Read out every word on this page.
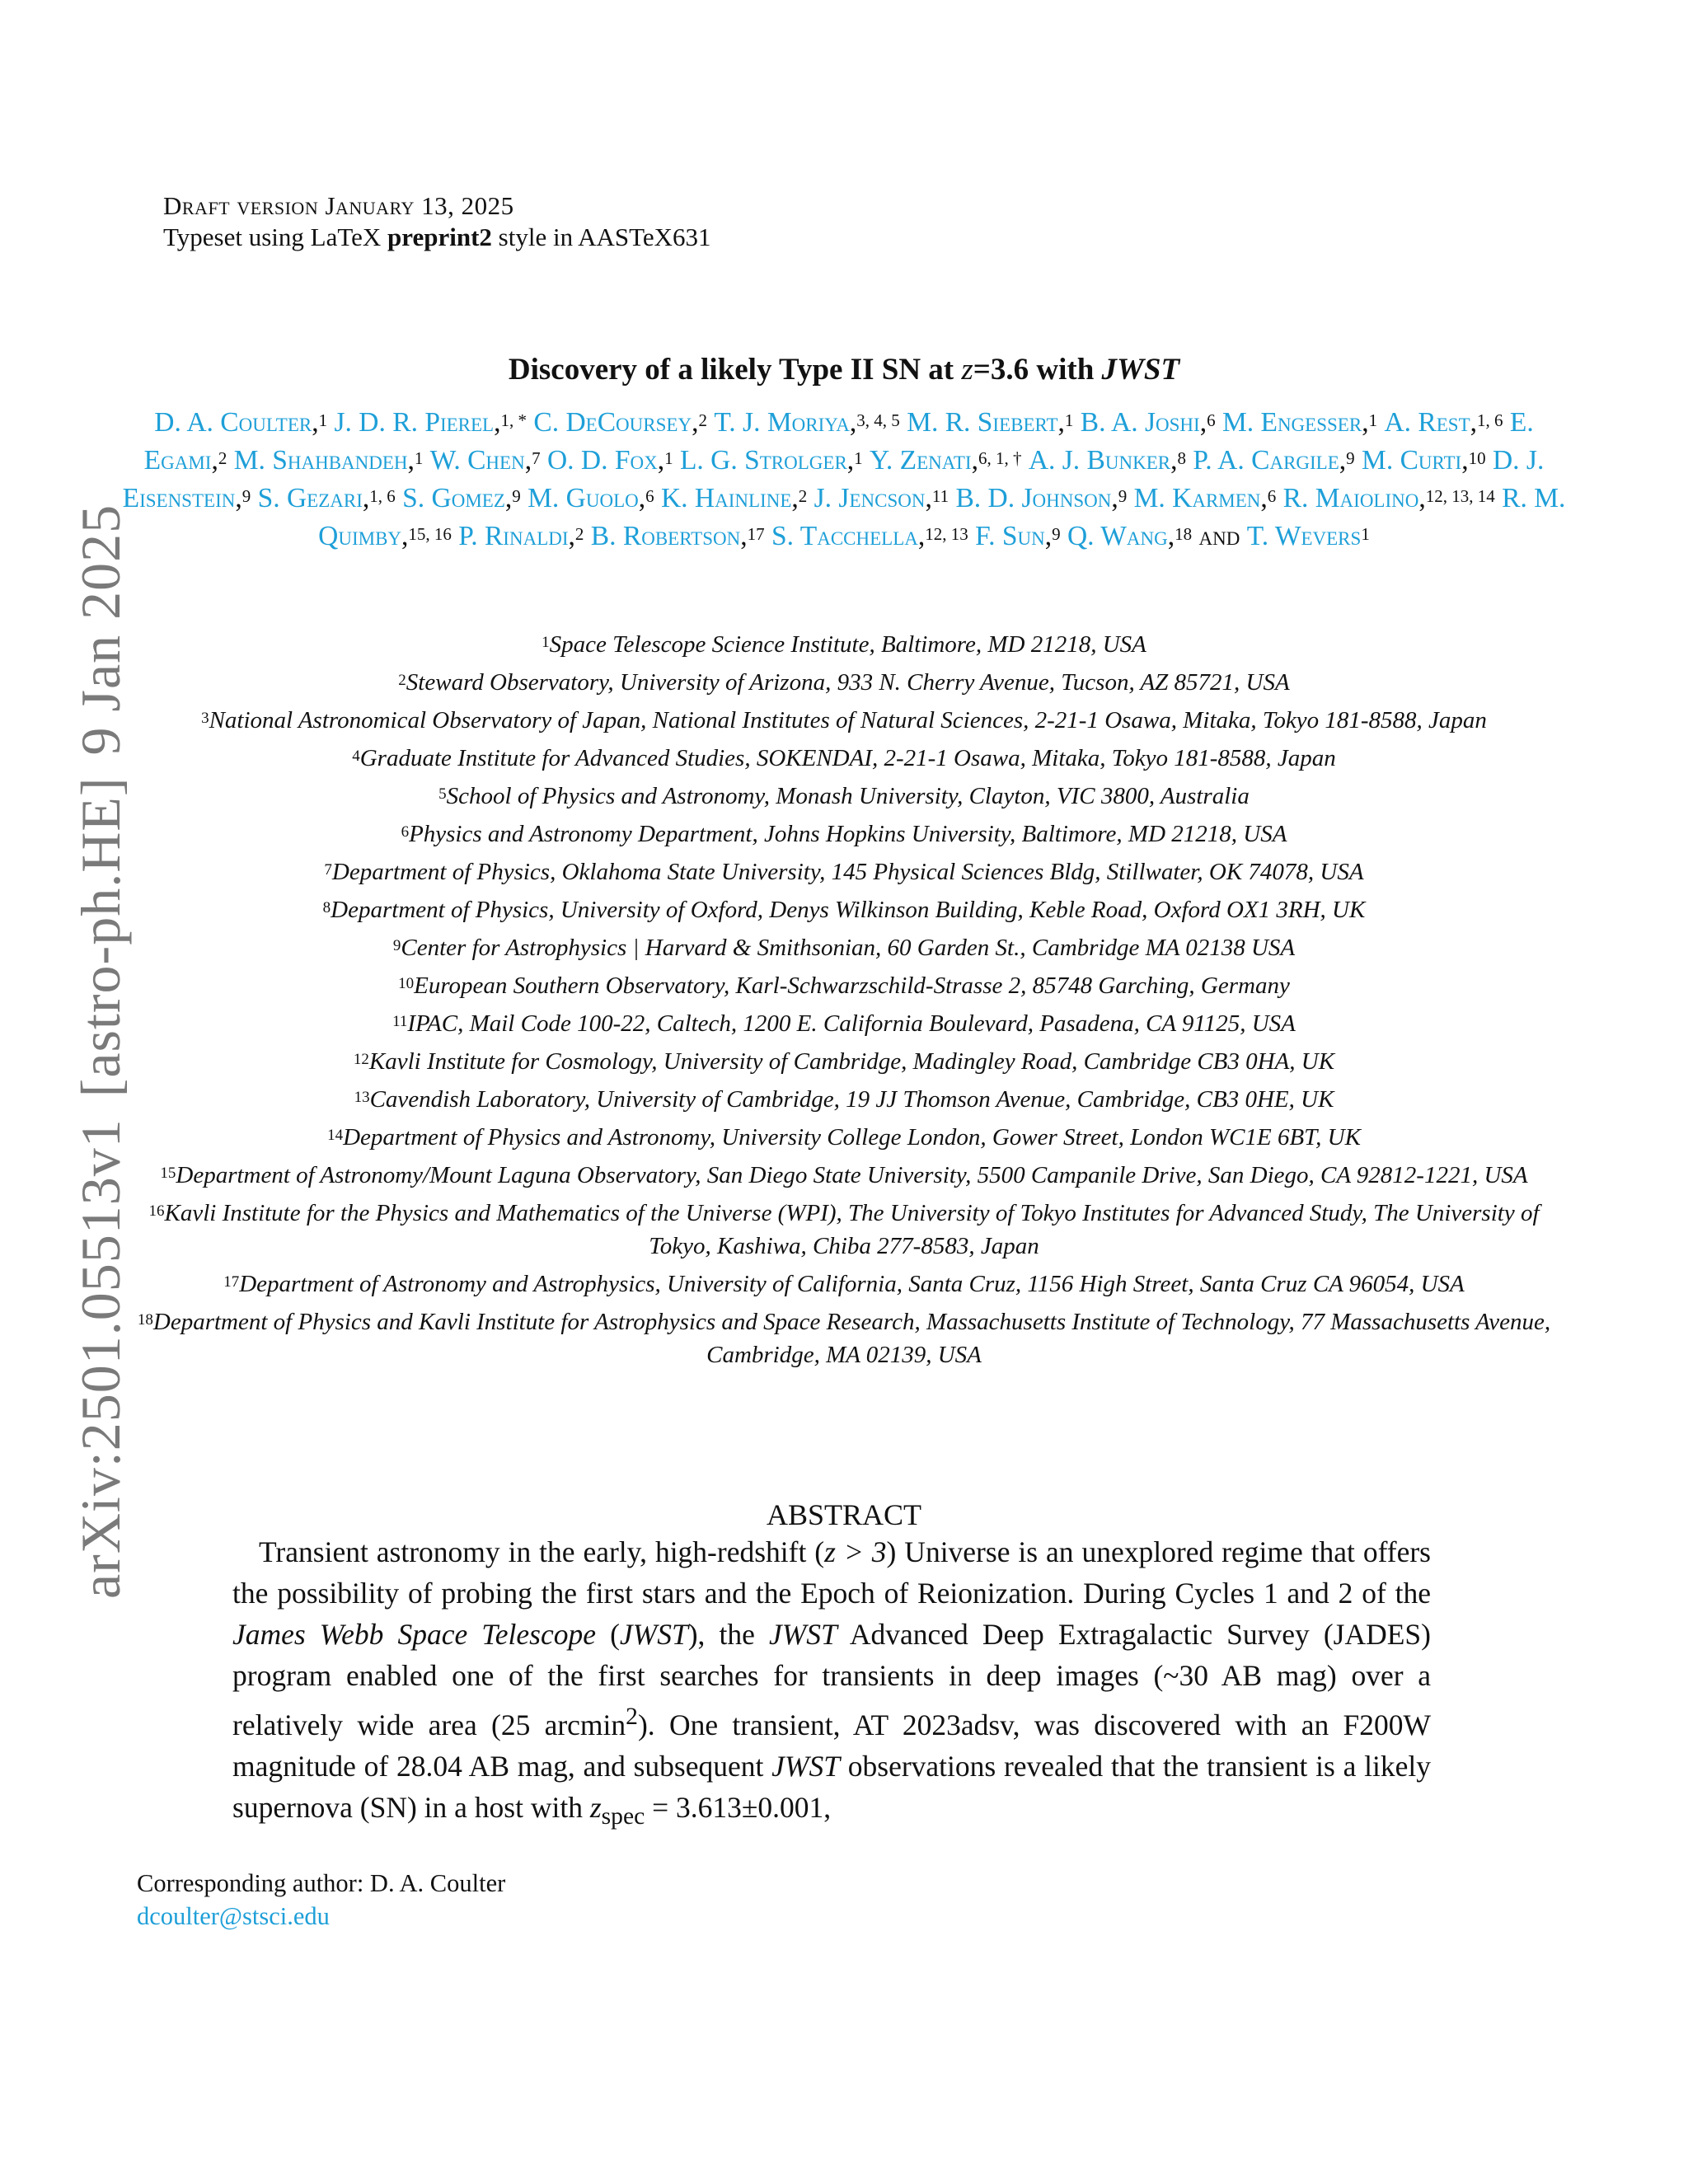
Draft version January 13, 2025
Typeset using LaTeX preprint2 style in AASTeX631
arXiv:2501.05513v1[astro-ph.HE]9 Jan 2025
Discovery of a likely Type II SN at z=3.6 with JWST
D. A. Coulter,$^1$ J. D. R. Pierel,$^{1, *}$ C. DeCoursey,$^2$ T. J. Moriya,$^{3, 4, 5}$ M. R. Siebert,$^1$ B. A. Joshi,$^6$ M. Engesser,$^1$ A. Rest,$^{1, 6}$ E. Egami,$^2$ M. Shahbandeh,$^1$ W. Chen,$^7$ O. D. Fox,$^1$ L. G. Strolger,$^1$ Y. Zenati,$^{6, 1, \dagger}$ A. J. Bunker,$^8$ P. A. Cargile,$^9$ M. Curti,$^{10}$ D. J. Eisenstein,$^9$ S. Gezari,$^{1, 6}$ S. Gomez,$^9$ M. Guolo,$^6$ K. Hainline,$^2$ J. Jencson,$^{11}$ B. D. Johnson,$^9$ M. Karmen,$^6$ R. Maiolino,$^{12, 13, 14}$ R. M. Quimby,$^{15, 16}$ P. Rinaldi,$^2$ B. Robertson,$^{17}$ S. Tacchella,$^{12, 13}$ F. Sun,$^9$ Q. Wang,$^{18}$ and T. Wevers$^1$
$^1$Space Telescope Science Institute, Baltimore, MD 21218, USA
$^2$Steward Observatory, University of Arizona, 933 N. Cherry Avenue, Tucson, AZ 85721, USA
$^3$National Astronomical Observatory of Japan, National Institutes of Natural Sciences, 2-21-1 Osawa, Mitaka, Tokyo 181-8588, Japan
$^4$Graduate Institute for Advanced Studies, SOKENDAI, 2-21-1 Osawa, Mitaka, Tokyo 181-8588, Japan
$^5$School of Physics and Astronomy, Monash University, Clayton, VIC 3800, Australia
$^6$Physics and Astronomy Department, Johns Hopkins University, Baltimore, MD 21218, USA
$^7$Department of Physics, Oklahoma State University, 145 Physical Sciences Bldg, Stillwater, OK 74078, USA
$^8$Department of Physics, University of Oxford, Denys Wilkinson Building, Keble Road, Oxford OX1 3RH, UK
$^9$Center for Astrophysics | Harvard & Smithsonian, 60 Garden St., Cambridge MA 02138 USA
$^{10}$European Southern Observatory, Karl-Schwarzschild-Strasse 2, 85748 Garching, Germany
$^{11}$IPAC, Mail Code 100-22, Caltech, 1200 E. California Boulevard, Pasadena, CA 91125, USA
$^{12}$Kavli Institute for Cosmology, University of Cambridge, Madingley Road, Cambridge CB3 0HA, UK
$^{13}$Cavendish Laboratory, University of Cambridge, 19 JJ Thomson Avenue, Cambridge, CB3 0HE, UK
$^{14}$Department of Physics and Astronomy, University College London, Gower Street, London WC1E 6BT, UK
$^{15}$Department of Astronomy/Mount Laguna Observatory, San Diego State University, 5500 Campanile Drive, San Diego, CA 92812-1221, USA
$^{16}$Kavli Institute for the Physics and Mathematics of the Universe (WPI), The University of Tokyo Institutes for Advanced Study, The University of Tokyo, Kashiwa, Chiba 277-8583, Japan
$^{17}$Department of Astronomy and Astrophysics, University of California, Santa Cruz, 1156 High Street, Santa Cruz CA 96054, USA
$^{18}$Department of Physics and Kavli Institute for Astrophysics and Space Research, Massachusetts Institute of Technology, 77 Massachusetts Avenue, Cambridge, MA 02139, USA
ABSTRACT

Transient astronomy in the early, high-redshift (z > 3) Universe is an unexplored regime that offers the possibility of probing the first stars and the Epoch of Reionization. During Cycles 1 and 2 of the James Webb Space Telescope (JWST), the JWST Advanced Deep Extragalactic Survey (JADES) program enabled one of the first searches for transients in deep images (~30 AB mag) over a relatively wide area (25 arcmin$^2$). One transient, AT 2023adsv, was discovered with an F200W magnitude of 28.04 AB mag, and subsequent JWST observations revealed that the transient is a likely supernova (SN) in a host with $z_{spec} = 3.613\pm 0.001$,

Corresponding author: D. A. Coulter
dcoulter@stsci.edu
